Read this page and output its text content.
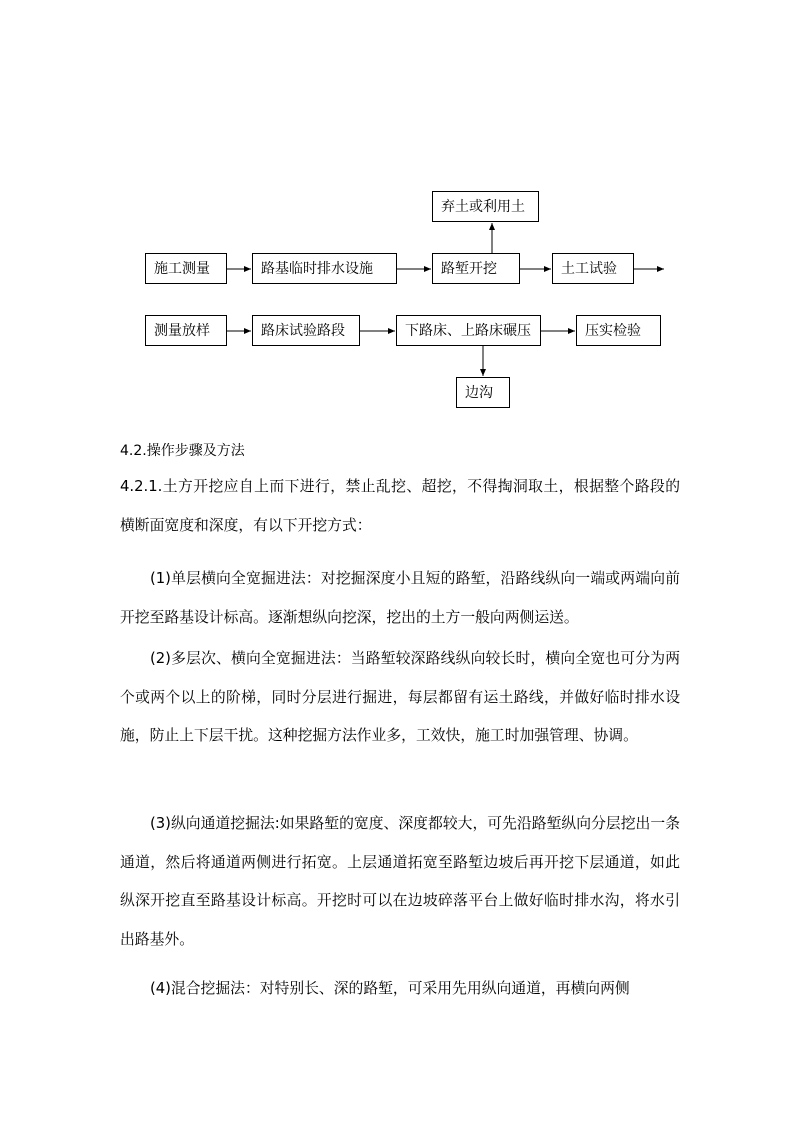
施工测量	路基临时排水设施	路堑开挖	土工试验
弃土或利用土
测量放样	路床试验路段	下路床、上路床碾压	压实检验
边沟
4.2.操作步骤及方法

4.2.1.土方开挖应自上而下进行，禁止乱挖、超挖，不得掏洞取土，根据整个路段的横断面宽度和深度，有以下开挖方式：

(1)单层横向全宽掘进法：对挖掘深度小且短的路堑，沿路线纵向一端或两端向前开挖至路基设计标高。逐渐想纵向挖深，挖出的土方一般向两侧运送。

(2)多层次、横向全宽掘进法：当路堑较深路线纵向较长时，横向全宽也可分为两个或两个以上的阶梯，同时分层进行掘进，每层都留有运土路线，并做好临时排水设施，防止上下层干扰。这种挖掘方法作业多，工效快，施工时加强管理、协调。

(3)纵向通道挖掘法:如果路堑的宽度、深度都较大，可先沿路堑纵向分层挖出一条通道，然后将通道两侧进行拓宽。上层通道拓宽至路堑边坡后再开挖下层通道，如此纵深开挖直至路基设计标高。开挖时可以在边坡碎落平台上做好临时排水沟，将水引出路基外。

(4)混合挖掘法：对特别长、深的路堑，可采用先用纵向通道，再横向两侧
